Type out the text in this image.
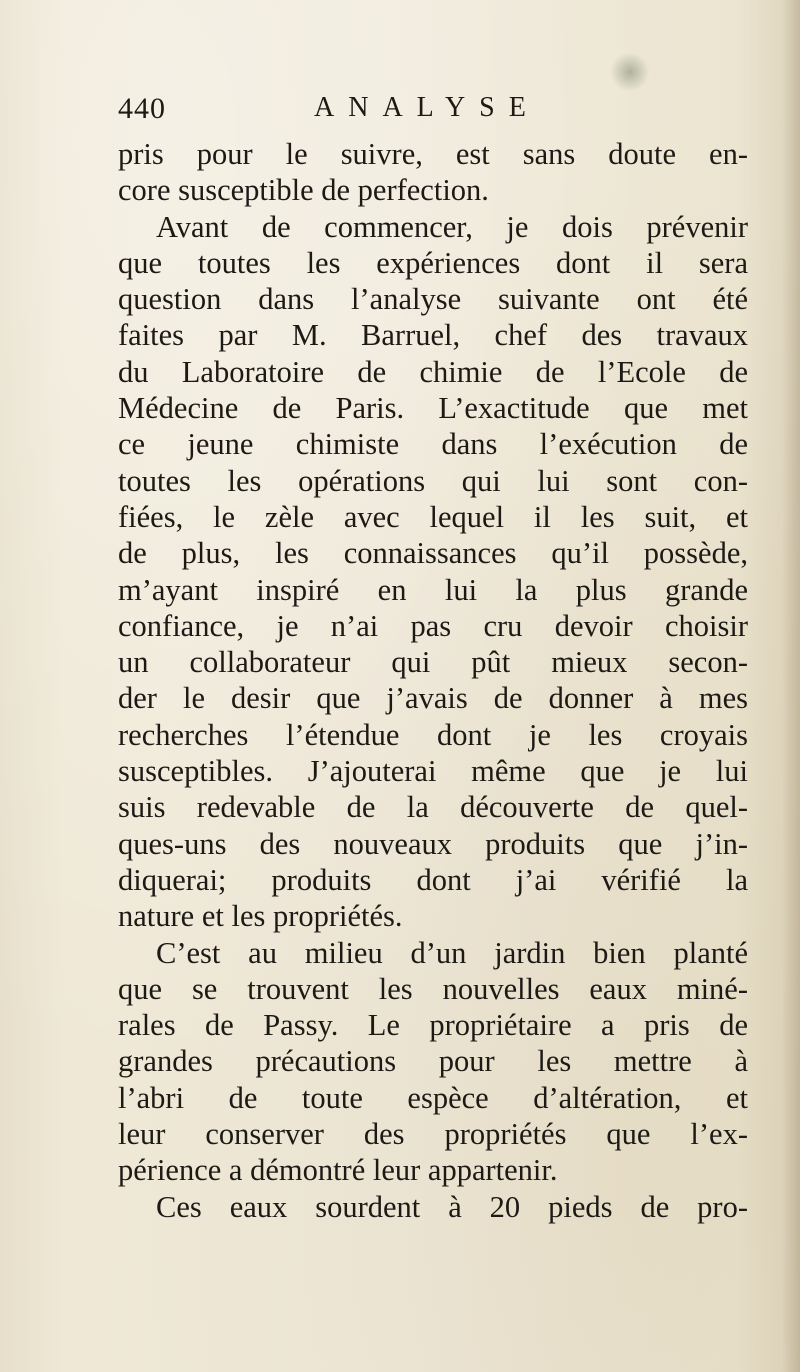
440	ANALYSE
pris pour le suivre, est sans doute en-
core susceptible de perfection.
Avant de commencer, je dois prévenir
que toutes les expériences dont il sera
question dans l’analyse suivante ont été
faites par M. Barruel, chef des travaux
du Laboratoire de chimie de l’Ecole de
Médecine de Paris. L’exactitude que met
ce jeune chimiste dans l’exécution de
toutes les opérations qui lui sont con-
fiées, le zèle avec lequel il les suit, et
de plus, les connaissances qu’il possède,
m’ayant inspiré en lui la plus grande
confiance, je n’ai pas cru devoir choisir
un collaborateur qui pût mieux secon-
der le desir que j’avais de donner à mes
recherches l’étendue dont je les croyais
susceptibles. J’ajouterai même que je lui
suis redevable de la découverte de quel-
ques-uns des nouveaux produits que j’in-
diquerai; produits dont j’ai vérifié la
nature et les propriétés.
C’est au milieu d’un jardin bien planté
que se trouvent les nouvelles eaux miné-
rales de Passy. Le propriétaire a pris de
grandes précautions pour les mettre à
l’abri de toute espèce d’altération, et
leur conserver des propriétés que l’ex-
périence a démontré leur appartenir.
Ces eaux sourdent à 20 pieds de pro-
